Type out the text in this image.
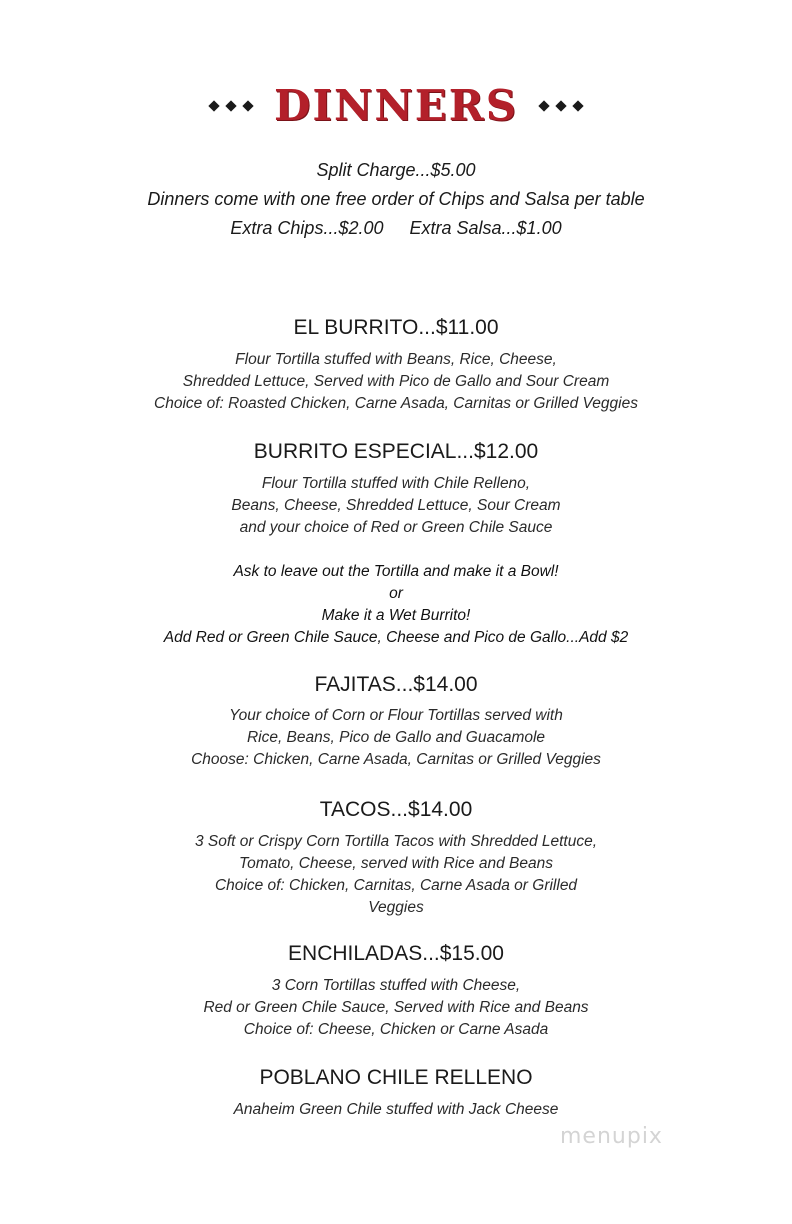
DINNERS
Split Charge...$5.00
Dinners come with one free order of Chips and Salsa per table
Extra Chips...$2.00 Extra Salsa...$1.00
EL BURRITO...$11.00
Flour Tortilla stuffed with Beans, Rice, Cheese,
Shredded Lettuce, Served with Pico de Gallo and Sour Cream
Choice of: Roasted Chicken, Carne Asada, Carnitas or Grilled Veggies
BURRITO ESPECIAL...$12.00
Flour Tortilla stuffed with Chile Relleno,
Beans, Cheese, Shredded Lettuce, Sour Cream
and your choice of Red or Green Chile Sauce
Ask to leave out the Tortilla and make it a Bowl!
or
Make it a Wet Burrito!
Add Red or Green Chile Sauce, Cheese and Pico de Gallo...Add $2
FAJITAS...$14.00
Your choice of Corn or Flour Tortillas served with
Rice, Beans, Pico de Gallo and Guacamole
Choose: Chicken, Carne Asada, Carnitas or Grilled Veggies
TACOS...$14.00
3 Soft or Crispy Corn Tortilla Tacos with Shredded Lettuce,
Tomato, Cheese, served with Rice and Beans
Choice of: Chicken, Carnitas, Carne Asada or Grilled
Veggies
ENCHILADAS...$15.00
3 Corn Tortillas stuffed with Cheese,
Red or Green Chile Sauce, Served with Rice and Beans
Choice of: Cheese, Chicken or Carne Asada
POBLANO CHILE RELLENO
Anaheim Green Chile stuffed with Jack Cheese
menupix
